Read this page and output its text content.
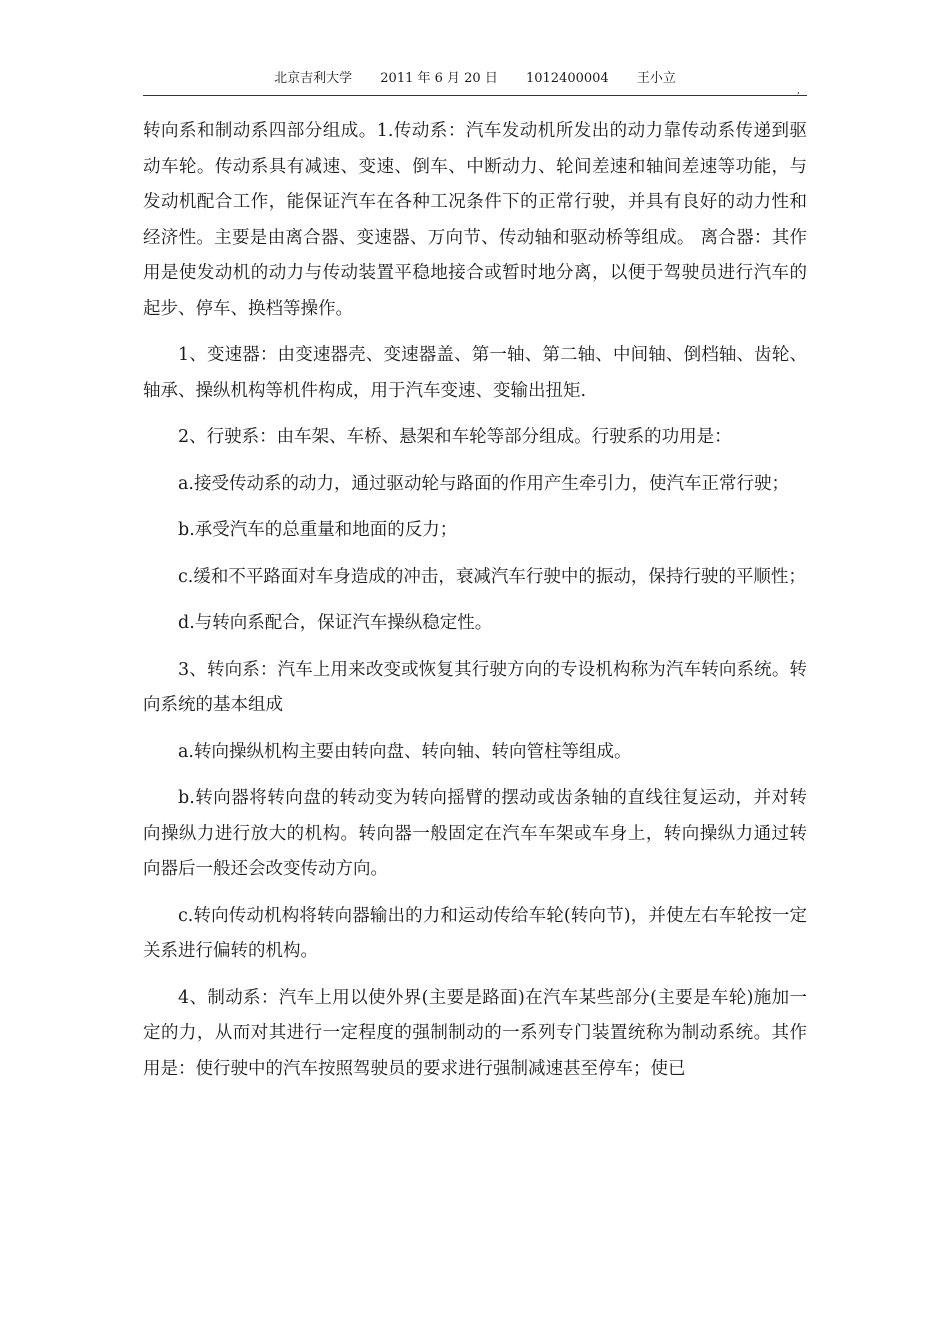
北京吉利大学 2011 年 6 月 20 日 1012400004 王小立
,

转向系和制动系四部分组成。1.传动系：汽车发动机所发出的动力靠传动系传递到驱动车轮。传动系具有减速、变速、倒车、中断动力、轮间差速和轴间差速等功能，与发动机配合工作，能保证汽车在各种工况条件下的正常行驶，并具有良好的动力性和经济性。主要是由离合器、变速器、万向节、传动轴和驱动桥等组成。 离合器：其作用是使发动机的动力与传动装置平稳地接合或暂时地分离，以便于驾驶员进行汽车的起步、停车、换档等操作。

1、变速器：由变速器壳、变速器盖、第一轴、第二轴、中间轴、倒档轴、齿轮、轴承、操纵机构等机件构成，用于汽车变速、变输出扭矩.

2、行驶系：由车架、车桥、悬架和车轮等部分组成。行驶系的功用是：

a.接受传动系的动力，通过驱动轮与路面的作用产生牵引力，使汽车正常行驶；

b.承受汽车的总重量和地面的反力；

c.缓和不平路面对车身造成的冲击，衰减汽车行驶中的振动，保持行驶的平顺性；

d.与转向系配合，保证汽车操纵稳定性。

3、转向系：汽车上用来改变或恢复其行驶方向的专设机构称为汽车转向系统。转向系统的基本组成

a.转向操纵机构主要由转向盘、转向轴、转向管柱等组成。

b.转向器将转向盘的转动变为转向摇臂的摆动或齿条轴的直线往复运动，并对转向操纵力进行放大的机构。转向器一般固定在汽车车架或车身上，转向操纵力通过转向器后一般还会改变传动方向。

c.转向传动机构将转向器输出的力和运动传给车轮(转向节)，并使左右车轮按一定关系进行偏转的机构。

4、制动系：汽车上用以使外界(主要是路面)在汽车某些部分(主要是车轮)施加一定的力，从而对其进行一定程度的强制制动的一系列专门装置统称为制动系统。其作用是：使行驶中的汽车按照驾驶员的要求进行强制减速甚至停车；使已
